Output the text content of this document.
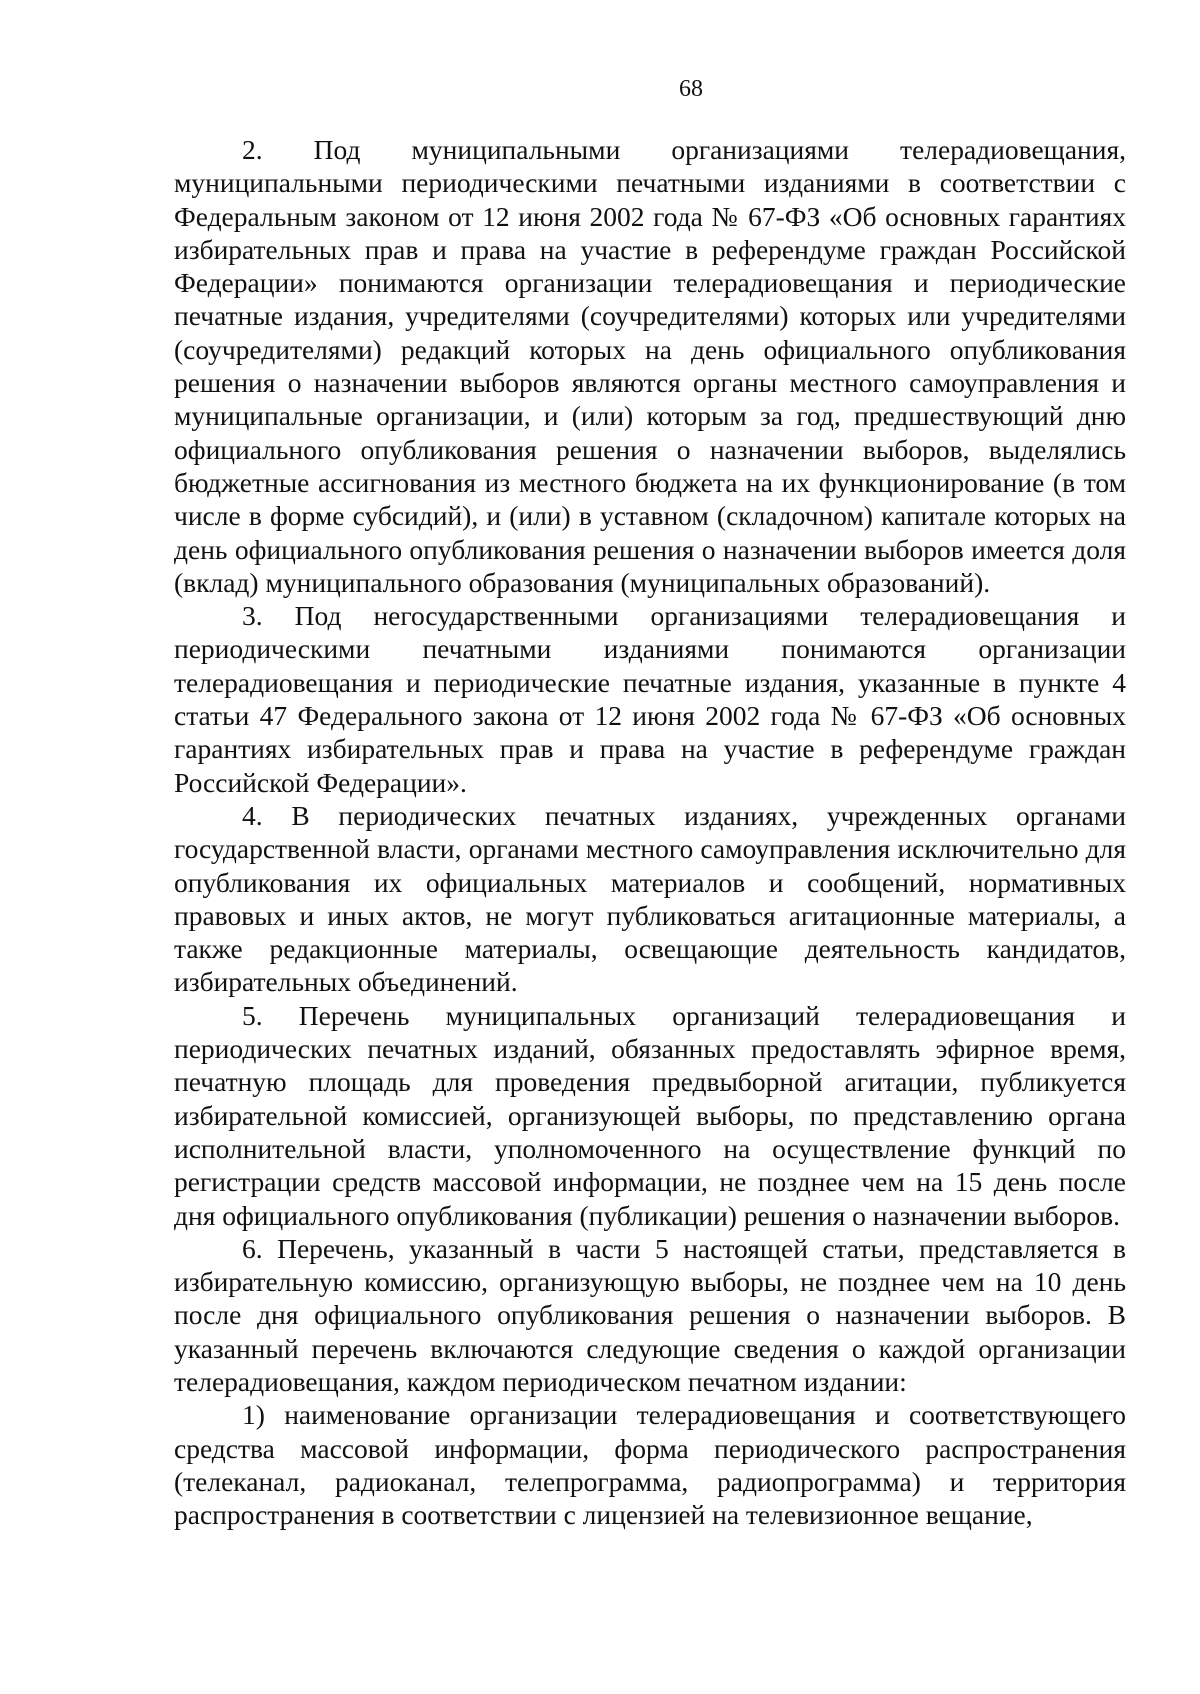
68

2. Под муниципальными организациями телерадиовещания, муниципальными периодическими печатными изданиями в соответствии с Федеральным законом от 12 июня 2002 года № 67-ФЗ «Об основных гарантиях избирательных прав и права на участие в референдуме граждан Российской Федерации» понимаются организации телерадиовещания и периодические печатные издания, учредителями (соучредителями) которых или учредителями (соучредителями) редакций которых на день официального опубликования решения о назначении выборов являются органы местного самоуправления и муниципальные организации, и (или) которым за год, предшествующий дню официального опубликования решения о назначении выборов, выделялись бюджетные ассигнования из местного бюджета на их функционирование (в том числе в форме субсидий), и (или) в уставном (складочном) капитале которых на день официального опубликования решения о назначении выборов имеется доля (вклад) муниципального образования (муниципальных образований).

3. Под негосударственными организациями телерадиовещания и периодическими печатными изданиями понимаются организации телерадиовещания и периодические печатные издания, указанные в пункте 4 статьи 47 Федерального закона от 12 июня 2002 года № 67-ФЗ «Об основных гарантиях избирательных прав и права на участие в референдуме граждан Российской Федерации».

4. В периодических печатных изданиях, учрежденных органами государственной власти, органами местного самоуправления исключительно для опубликования их официальных материалов и сообщений, нормативных правовых и иных актов, не могут публиковаться агитационные материалы, а также редакционные материалы, освещающие деятельность кандидатов, избирательных объединений.

5. Перечень муниципальных организаций телерадиовещания и периодических печатных изданий, обязанных предоставлять эфирное время, печатную площадь для проведения предвыборной агитации, публикуется избирательной комиссией, организующей выборы, по представлению органа исполнительной власти, уполномоченного на осуществление функций по регистрации средств массовой информации, не позднее чем на 15 день после дня официального опубликования (публикации) решения о назначении выборов.

6. Перечень, указанный в части 5 настоящей статьи, представляется в избирательную комиссию, организующую выборы, не позднее чем на 10 день после дня официального опубликования решения о назначении выборов. В указанный перечень включаются следующие сведения о каждой организации телерадиовещания, каждом периодическом печатном издании:

1) наименование организации телерадиовещания и соответствующего средства массовой информации, форма периодического распространения (телеканал, радиоканал, телепрограмма, радиопрограмма) и территория распространения в соответствии с лицензией на телевизионное вещание,
